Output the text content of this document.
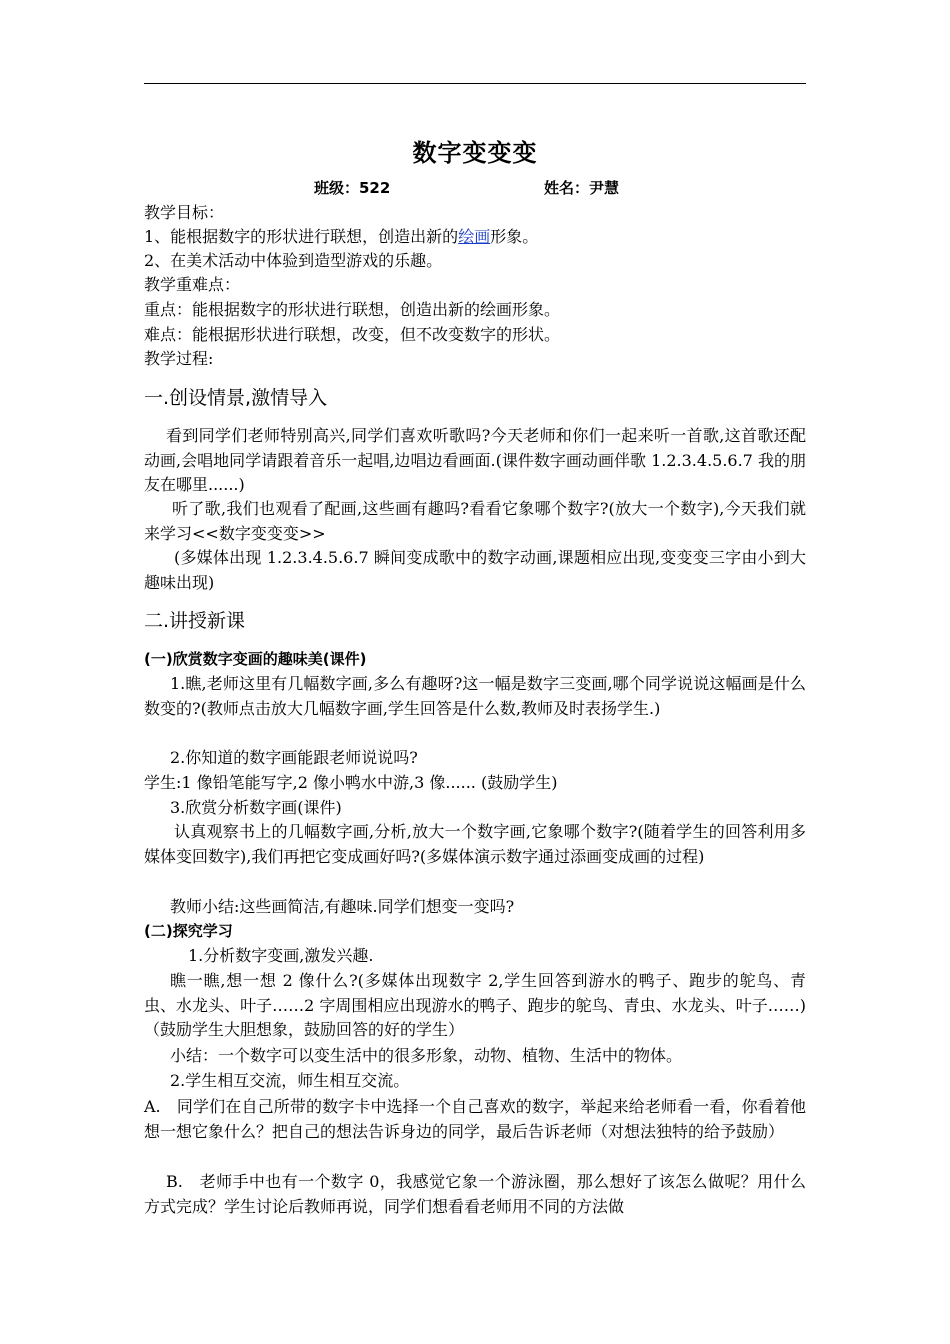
数字变变变
班级：522	姓名：尹慧
教学目标：
1、能根据数字的形状进行联想，创造出新的绘画形象。
2、在美术活动中体验到造型游戏的乐趣。
教学重难点：
重点：能根据数字的形状进行联想，创造出新的绘画形象。
难点：能根据形状进行联想，改变，但不改变数字的形状。
教学过程:
一.创设情景,激情导入
看到同学们老师特别高兴,同学们喜欢听歌吗?今天老师和你们一起来听一首歌,这首歌还配动画,会唱地同学请跟着音乐一起唱,边唱边看画面.(课件数字画动画伴歌 1.2.3.4.5.6.7 我的朋友在哪里......)
听了歌,我们也观看了配画,这些画有趣吗?看看它象哪个数字?(放大一个数字),今天我们就来学习<<数字变变变>>
(多媒体出现 1.2.3.4.5.6.7 瞬间变成歌中的数字动画,课题相应出现,变变变三字由小到大趣味出现)
二.讲授新课
(一)欣赏数字变画的趣味美(课件)
1.瞧,老师这里有几幅数字画,多么有趣呀?这一幅是数字三变画,哪个同学说说这幅画是什么数变的?(教师点击放大几幅数字画,学生回答是什么数,教师及时表扬学生.)
2.你知道的数字画能跟老师说说吗?
学生:1 像铅笔能写字,2 像小鸭水中游,3 像...... (鼓励学生)
3.欣赏分析数字画(课件)
认真观察书上的几幅数字画,分析,放大一个数字画,它象哪个数字?(随着学生的回答利用多媒体变回数字),我们再把它变成画好吗?(多媒体演示数字通过添画变成画的过程)
教师小结:这些画简洁,有趣味.同学们想变一变吗?
(二)探究学习
1.分析数字变画,激发兴趣.
瞧一瞧,想一想 2 像什么?(多媒体出现数字 2,学生回答到游水的鸭子、跑步的鸵鸟、青虫、水龙头、叶子……2 字周围相应出现游水的鸭子、跑步的鸵鸟、青虫、水龙头、叶子……)（鼓励学生大胆想象，鼓励回答的好的学生）
小结：一个数字可以变生活中的很多形象，动物、植物、生活中的物体。
2.学生相互交流，师生相互交流。
A.　同学们在自己所带的数字卡中选择一个自己喜欢的数字，举起来给老师看一看，你看着他想一想它象什么？把自己的想法告诉身边的同学，最后告诉老师（对想法独特的给予鼓励）
B.　老师手中也有一个数字 0，我感觉它象一个游泳圈，那么想好了该怎么做呢？用什么方式完成？学生讨论后教师再说，同学们想看看老师用不同的方法做
